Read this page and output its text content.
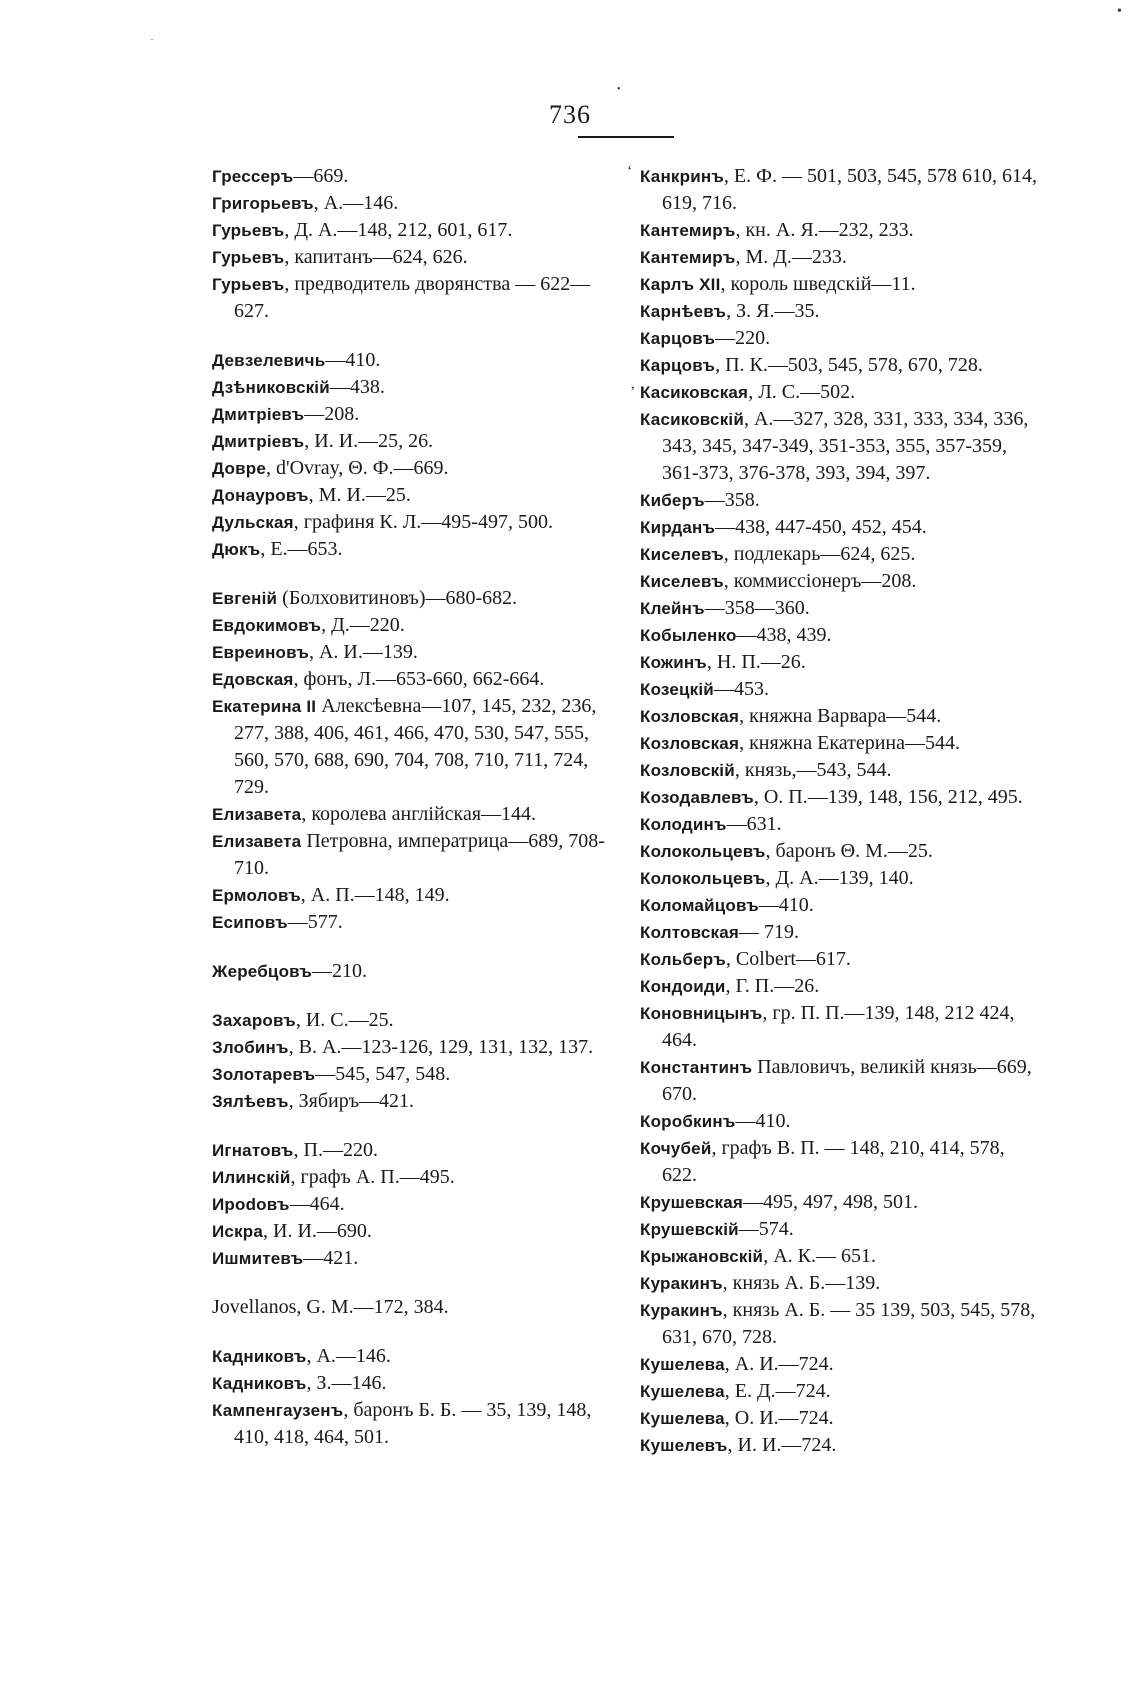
•
·
•
736
‘
’
Грессеръ—669.
Григорьевъ, А.—146.
Гурьевъ, Д. А.—148, 212, 601, 617.
Гурьевъ, капитанъ—624, 626.
Гурьевъ, предводитель дворянства — 622—627.
Девзелевичь—410.
Дзѣниковскій—438.
Дмитріевъ—208.
Дмитріевъ, И. И.—25, 26.
Довре, d'Ovray, Θ. Ф.—669.
Донауровъ, М. И.—25.
Дульская, графиня К. Л.—495-497, 500.
Дюкъ, Е.—653.
Евгеній (Болховитиновъ)—680-682.
Евдокимовъ, Д.—220.
Евреиновъ, А. И.—139.
Едовская, фонъ, Л.—653-660, 662-664.
Екатерина II Алексѣевна—107, 145, 232, 236, 277, 388, 406, 461, 466, 470, 530, 547, 555, 560, 570, 688, 690, 704, 708, 710, 711, 724, 729.
Елизавета, королева англійская—144.
Елизавета Петровна, императрица—689, 708-710.
Ермоловъ, А. П.—148, 149.
Есиповъ—577.
Жеребцовъ—210.
Захаровъ, И. С.—25.
Злобинъ, В. А.—123-126, 129, 131, 132, 137.
Золотаревъ—545, 547, 548.
Зялѣевъ, Зябиръ—421.
Игнатовъ, П.—220.
Илинскій, графъ А. П.—495.
Ирodовъ—464.
Искра, И. И.—690.
Ишмитевъ—421.
Jovellanos, G. M.—172, 384.
Кадниковъ, А.—146.
Кадниковъ, З.—146.
Кампенгаузенъ, баронъ Б. Б. — 35, 139, 148, 410, 418, 464, 501.
Канкринъ, Е. Ф. — 501, 503, 545, 578 610, 614, 619, 716.
Кантемиръ, кн. А. Я.—232, 233.
Кантемиръ, М. Д.—233.
Карлъ XII, король шведскій—11.
Карнѣевъ, З. Я.—35.
Карцовъ—220.
Карцовъ, П. К.—503, 545, 578, 670, 728.
Касиковская, Л. С.—502.
Касиковскій, А.—327, 328, 331, 333, 334, 336, 343, 345, 347-349, 351-353, 355, 357-359, 361-373, 376-378, 393, 394, 397.
Киберъ—358.
Кирданъ—438, 447-450, 452, 454.
Киселевъ, подлекарь—624, 625.
Киселевъ, коммиссіонеръ—208.
Клейнъ—358—360.
Кобыленко—438, 439.
Кожинъ, Н. П.—26.
Козецкій—453.
Козловская, княжна Варвара—544.
Козловская, княжна Екатерина—544.
Козловскій, князь,—543, 544.
Козодавлевъ, О. П.—139, 148, 156, 212, 495.
Колодинъ—631.
Колокольцевъ, баронъ Θ. М.—25.
Колокольцевъ, Д. А.—139, 140.
Коломайцовъ—410.
Колтовская— 719.
Кольберъ, Colbert—617.
Кондоиди, Г. П.—26.
Коновницынъ, гр. П. П.—139, 148, 212 424, 464.
Константинъ Павловичъ, великій князь—669, 670.
Коробкинъ—410.
Кочубей, графъ В. П. — 148, 210, 414, 578, 622.
Крушевская—495, 497, 498, 501.
Крушевскій—574.
Крыжановскій, А. К.— 651.
Куракинъ, князь А. Б.—139.
Куракинъ, князь А. Б. — 35 139, 503, 545, 578, 631, 670, 728.
Кушелева, А. И.—724.
Кушелева, Е. Д.—724.
Кушелева, О. И.—724.
Кушелевъ, И. И.—724.
